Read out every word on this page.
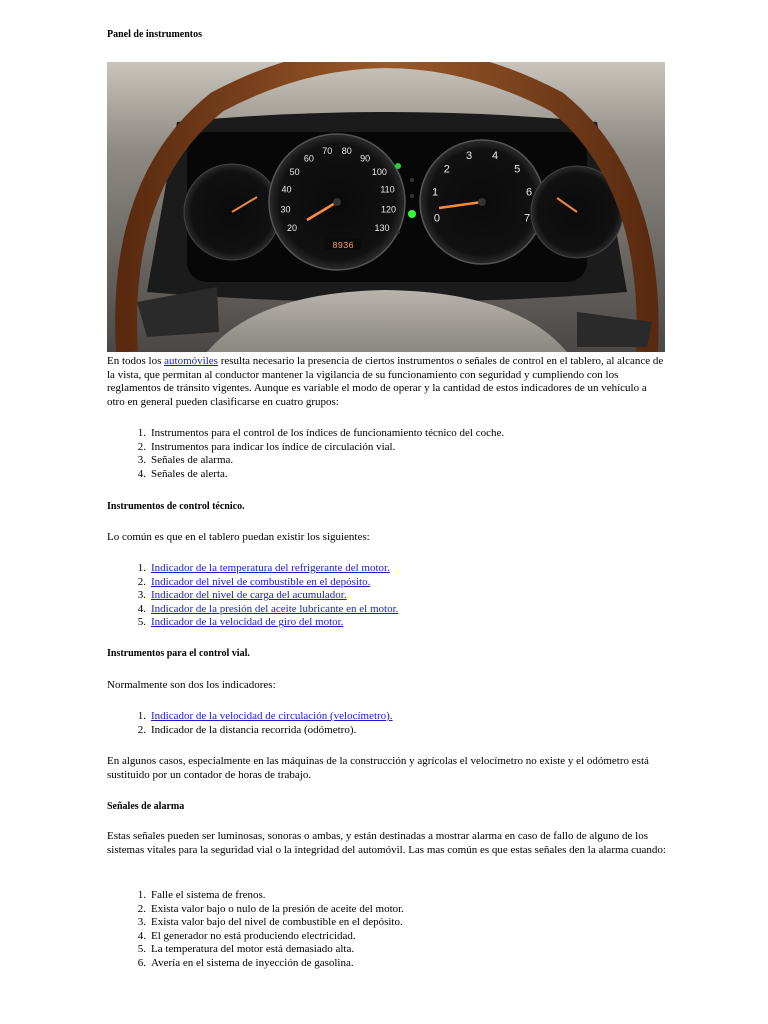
Panel de instrumentos
20
30
40
50
60
70 80
90
100
110
120
130
8936
0
1
2
3 4
5
6
7

En todos los automóviles resulta necesario la presencia de ciertos instrumentos o señales de control en el tablero, al alcance de la vista, que permitan al conductor mantener la vigilancia de su funcionamiento con seguridad y cumpliendo con los reglamentos de tránsito vigentes. Aunque es variable el modo de operar y la cantidad de estos indicadores de un vehículo a otro en general pueden clasificarse en cuatro grupos:

1. Instrumentos para el control de los índices de funcionamiento técnico del coche.
2. Instrumentos para indicar los índice de circulación vial.
3. Señales de alarma.
4. Señales de alerta.
Instrumentos de control técnico.

Lo común es que en el tablero puedan existir los siguientes:

1. Indicador de la temperatura del refrigerante del motor.
2. Indicador del nivel de combustible en el depósito.
3. Indicador del nivel de carga del acumulador.
4. Indicador de la presión del aceite lubricante en el motor.
5. Indicador de la velocidad de giro del motor.
Instrumentos para el control vial.

Normalmente son dos los indicadores:

1. Indicador de la velocidad de circulación (velocímetro).
2. Indicador de la distancia recorrida (odómetro).

En algunos casos, especialmente en las máquinas de la construcción y agrícolas el velocímetro no existe y el odómetro está sustituido por un contador de horas de trabajo.

Señales de alarma

Estas señales pueden ser luminosas, sonoras o ambas, y están destinadas a mostrar alarma en caso de fallo de alguno de los sistemas vitales para la seguridad vial o la integridad del automóvil. Las mas común es que estas señales den la alarma cuando:

1. Falle el sistema de frenos.
2. Exista valor bajo o nulo de la presión de aceite del motor.
3. Exista valor bajo del nivel de combustible en el depósito.
4. El generador no está produciendo electricidad.
5. La temperatura del motor está demasiado alta.
6. Avería en el sistema de inyección de gasolina.
